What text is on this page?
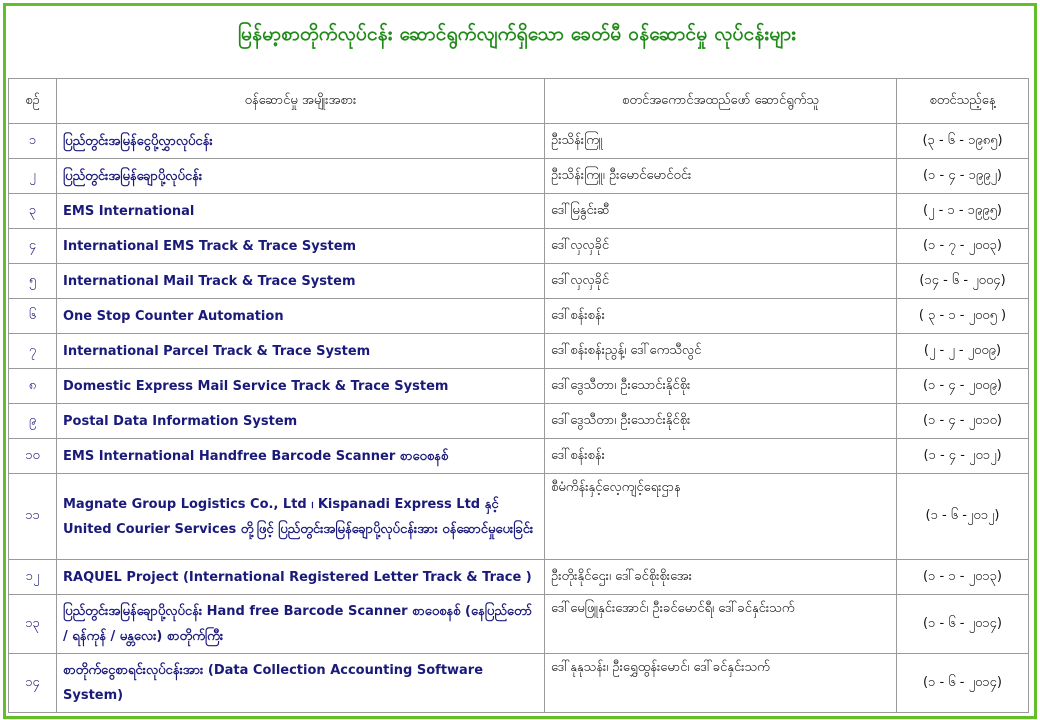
မြန်မာ့စာတိုက်လုပ်ငန်း ဆောင်ရွက်လျက်ရှိသော ခေတ်မီ ဝန်ဆောင်မှု လုပ်ငန်းများ
စဉ်	ဝန်ဆောင်မှု အမျိုးအစား	စတင်အကောင်အထည်ဖော် ဆောင်ရွက်သူ	စတင်သည့်နေ့
၁	ပြည်တွင်းအမြန်ငွေပို့လွှာလုပ်ငန်း	ဦးသိန်းကြူ	(၃ - ၆ - ၁၉၈၅)
၂	ပြည်တွင်းအမြန်ချောပို့လုပ်ငန်း	ဦးသိန်းကြူ၊ ဦးမောင်မောင်ဝင်း	(၁ - ၄ - ၁၉၉၂)
၃	EMS International	ဒေါ်မြနွင်းဆီ	(၂ - ၁ - ၁၉၉၅)
၄	International EMS Track & Trace System	ဒေါ်လှလှခိုင်	(၁ - ၇ - ၂၀၀၃)
၅	International Mail Track & Trace System	ဒေါ်လှလှခိုင်	(၁၄ - ၆ - ၂၀၀၄)
၆	One Stop Counter Automation	ဒေါ်စန်းစန်း	( ၃ - ၁ - ၂၀၀၅ )
၇	International Parcel Track & Trace System	ဒေါ်စန်းစန်းညွန့်၊ ဒေါ်ကေသီလွင်	(၂ - ၂ - ၂၀၀၉)
၈	Domestic Express Mail Service Track & Trace System	ဒေါ်ဒွေသီတာ၊ ဦးသောင်းနိုင်စိုး	(၁ - ၄ - ၂၀၀၉)
၉	Postal Data Information System	ဒေါ်ဒွေသီတာ၊ ဦးသောင်းနိုင်စိုး	(၁ - ၄ - ၂၀၁၀)
၁၀	EMS International Handfree Barcode Scanner စာဝေစနစ်	ဒေါ်စန်းစန်း	(၁ - ၄ - ၂၀၁၂)
၁၁	Magnate Group Logistics Co., Ltd ၊ Kispanadi Express Ltd နှင့် United Courier Services တို့ဖြင့် ပြည်တွင်းအမြန်ချောပို့လုပ်ငန်းအား ဝန်ဆောင်မှုပေးခြင်း	စီမံကိန်းနှင့်လေ့ကျင့်ရေးဌာန	(၁ - ၆ -၂၀၁၂)
၁၂	RAQUEL Project (International Registered Letter Track & Trace )	ဦးတိုးနိုင်ဌေး၊ ဒေါ်ခင်စိုးစိုးအေး	(၁ - ၁ - ၂၀၁၃)
၁၃	ပြည်တွင်းအမြန်ချောပို့လုပ်ငန်း Hand free Barcode Scanner စာဝေစနစ် (နေပြည်တော် / ရန်ကုန် / မန္တလေး) စာတိုက်ကြီး	ဒေါ်မေဖြူနှင်းအောင်၊ ဦးခင်မောင်ရီ၊ ဒေါ်ခင်နှင်းသက်	(၁ - ၆ - ၂၀၁၄)
၁၄	စာတိုက်ငွေစာရင်းလုပ်ငန်းအား (Data Collection Accounting Software System)	ဒေါ်နုနုသန်း၊ ဦးရွှေထွန်းမောင်၊ ဒေါ်ခင်နှင်းသက်	(၁ - ၆ - ၂၀၁၄)
